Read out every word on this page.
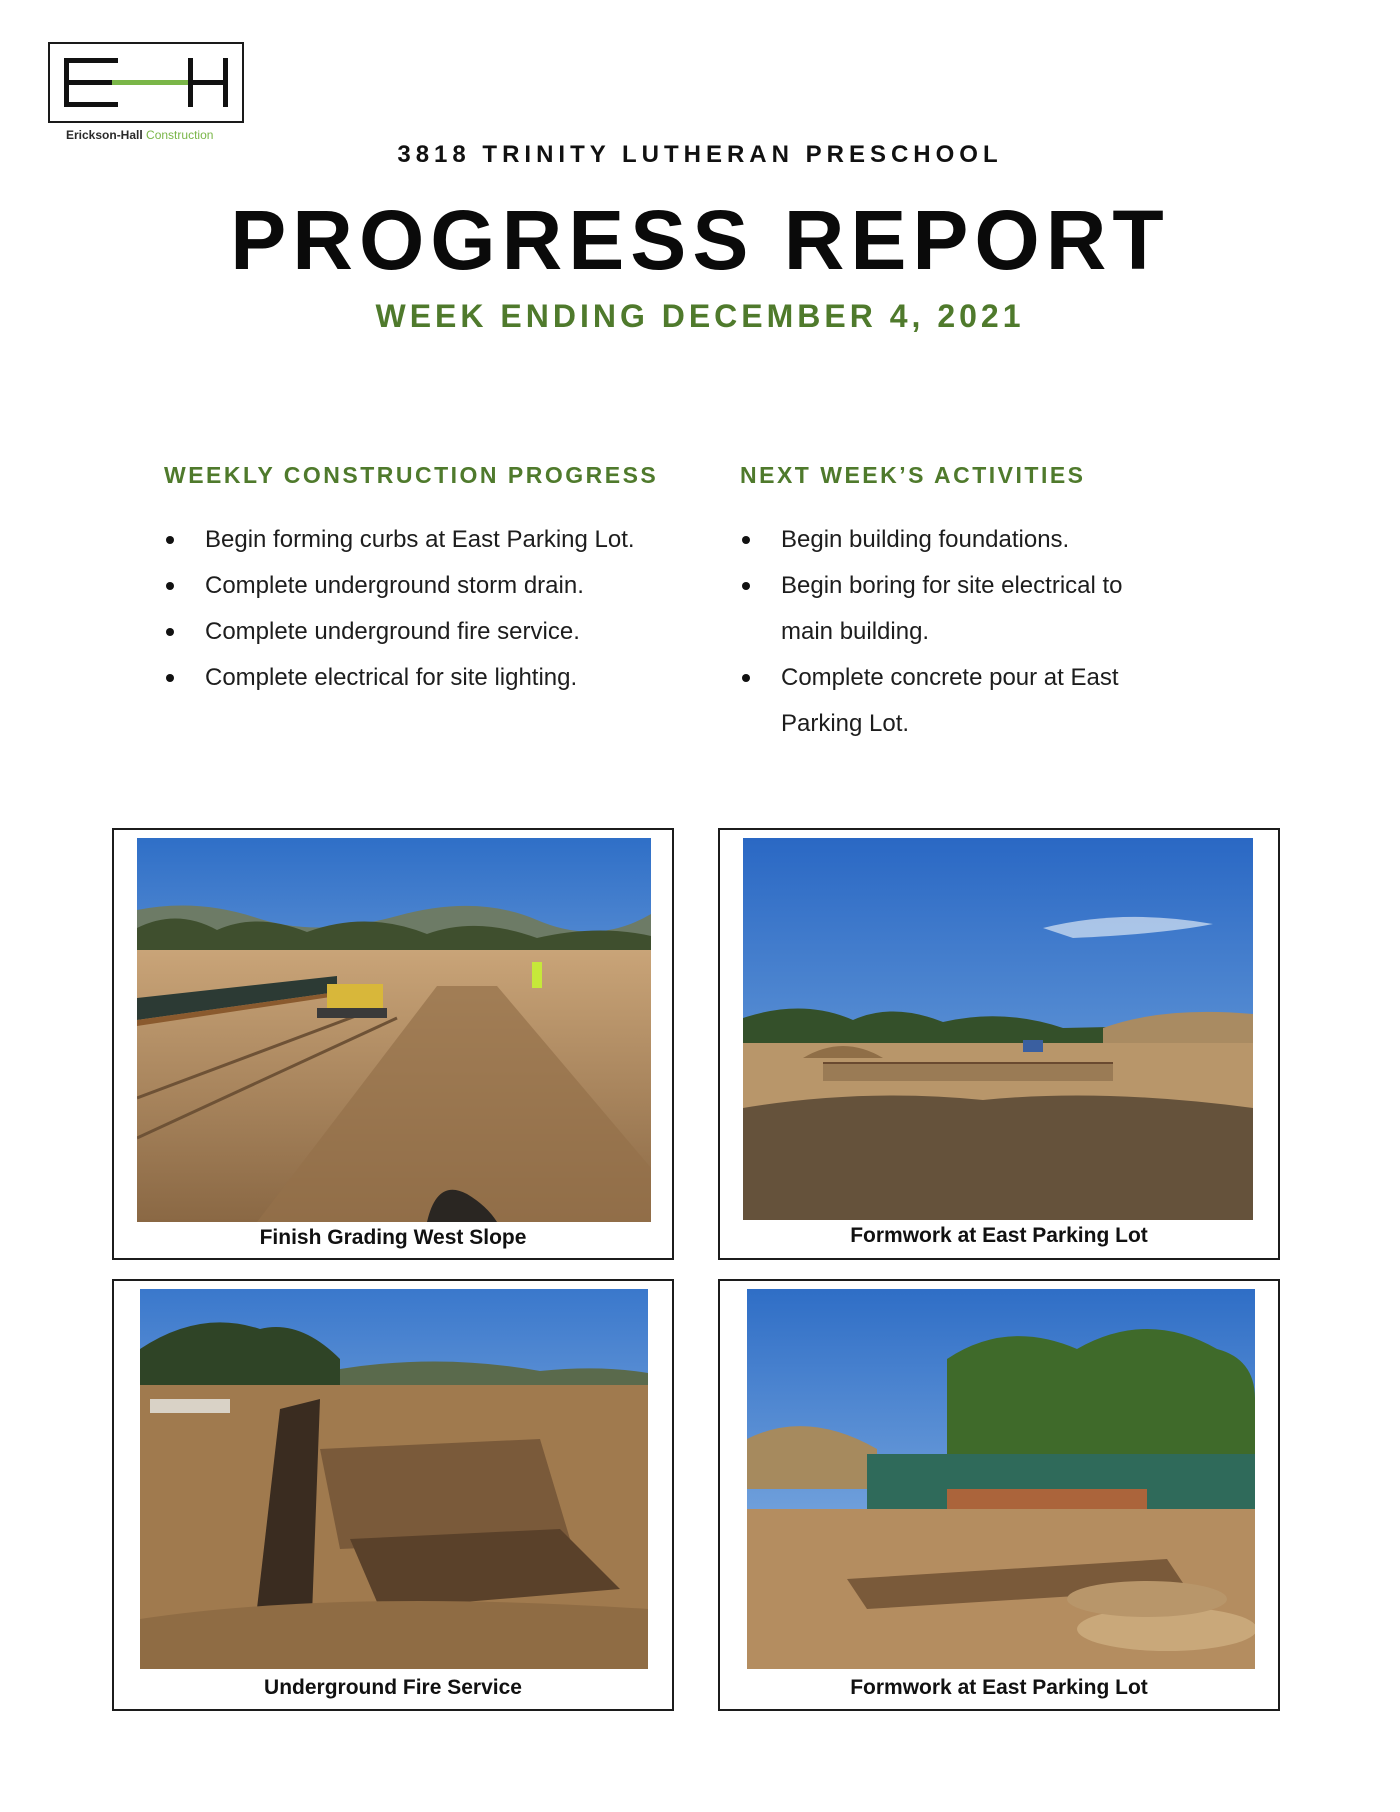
Erickson-Hall Construction
3818 TRINITY LUTHERAN PRESCHOOL
PROGRESS REPORT
WEEK ENDING DECEMBER 4, 2021
WEEKLY CONSTRUCTION PROGRESS
Begin forming curbs at East Parking Lot.
Complete underground storm drain.
Complete underground fire service.
Complete electrical for site lighting.
NEXT WEEK’S ACTIVITIES
Begin building foundations.
Begin boring for site electrical to main building.
Complete concrete pour at East Parking Lot.
Finish Grading West Slope	Formwork at East Parking Lot
Underground Fire Service	Formwork at East Parking Lot
